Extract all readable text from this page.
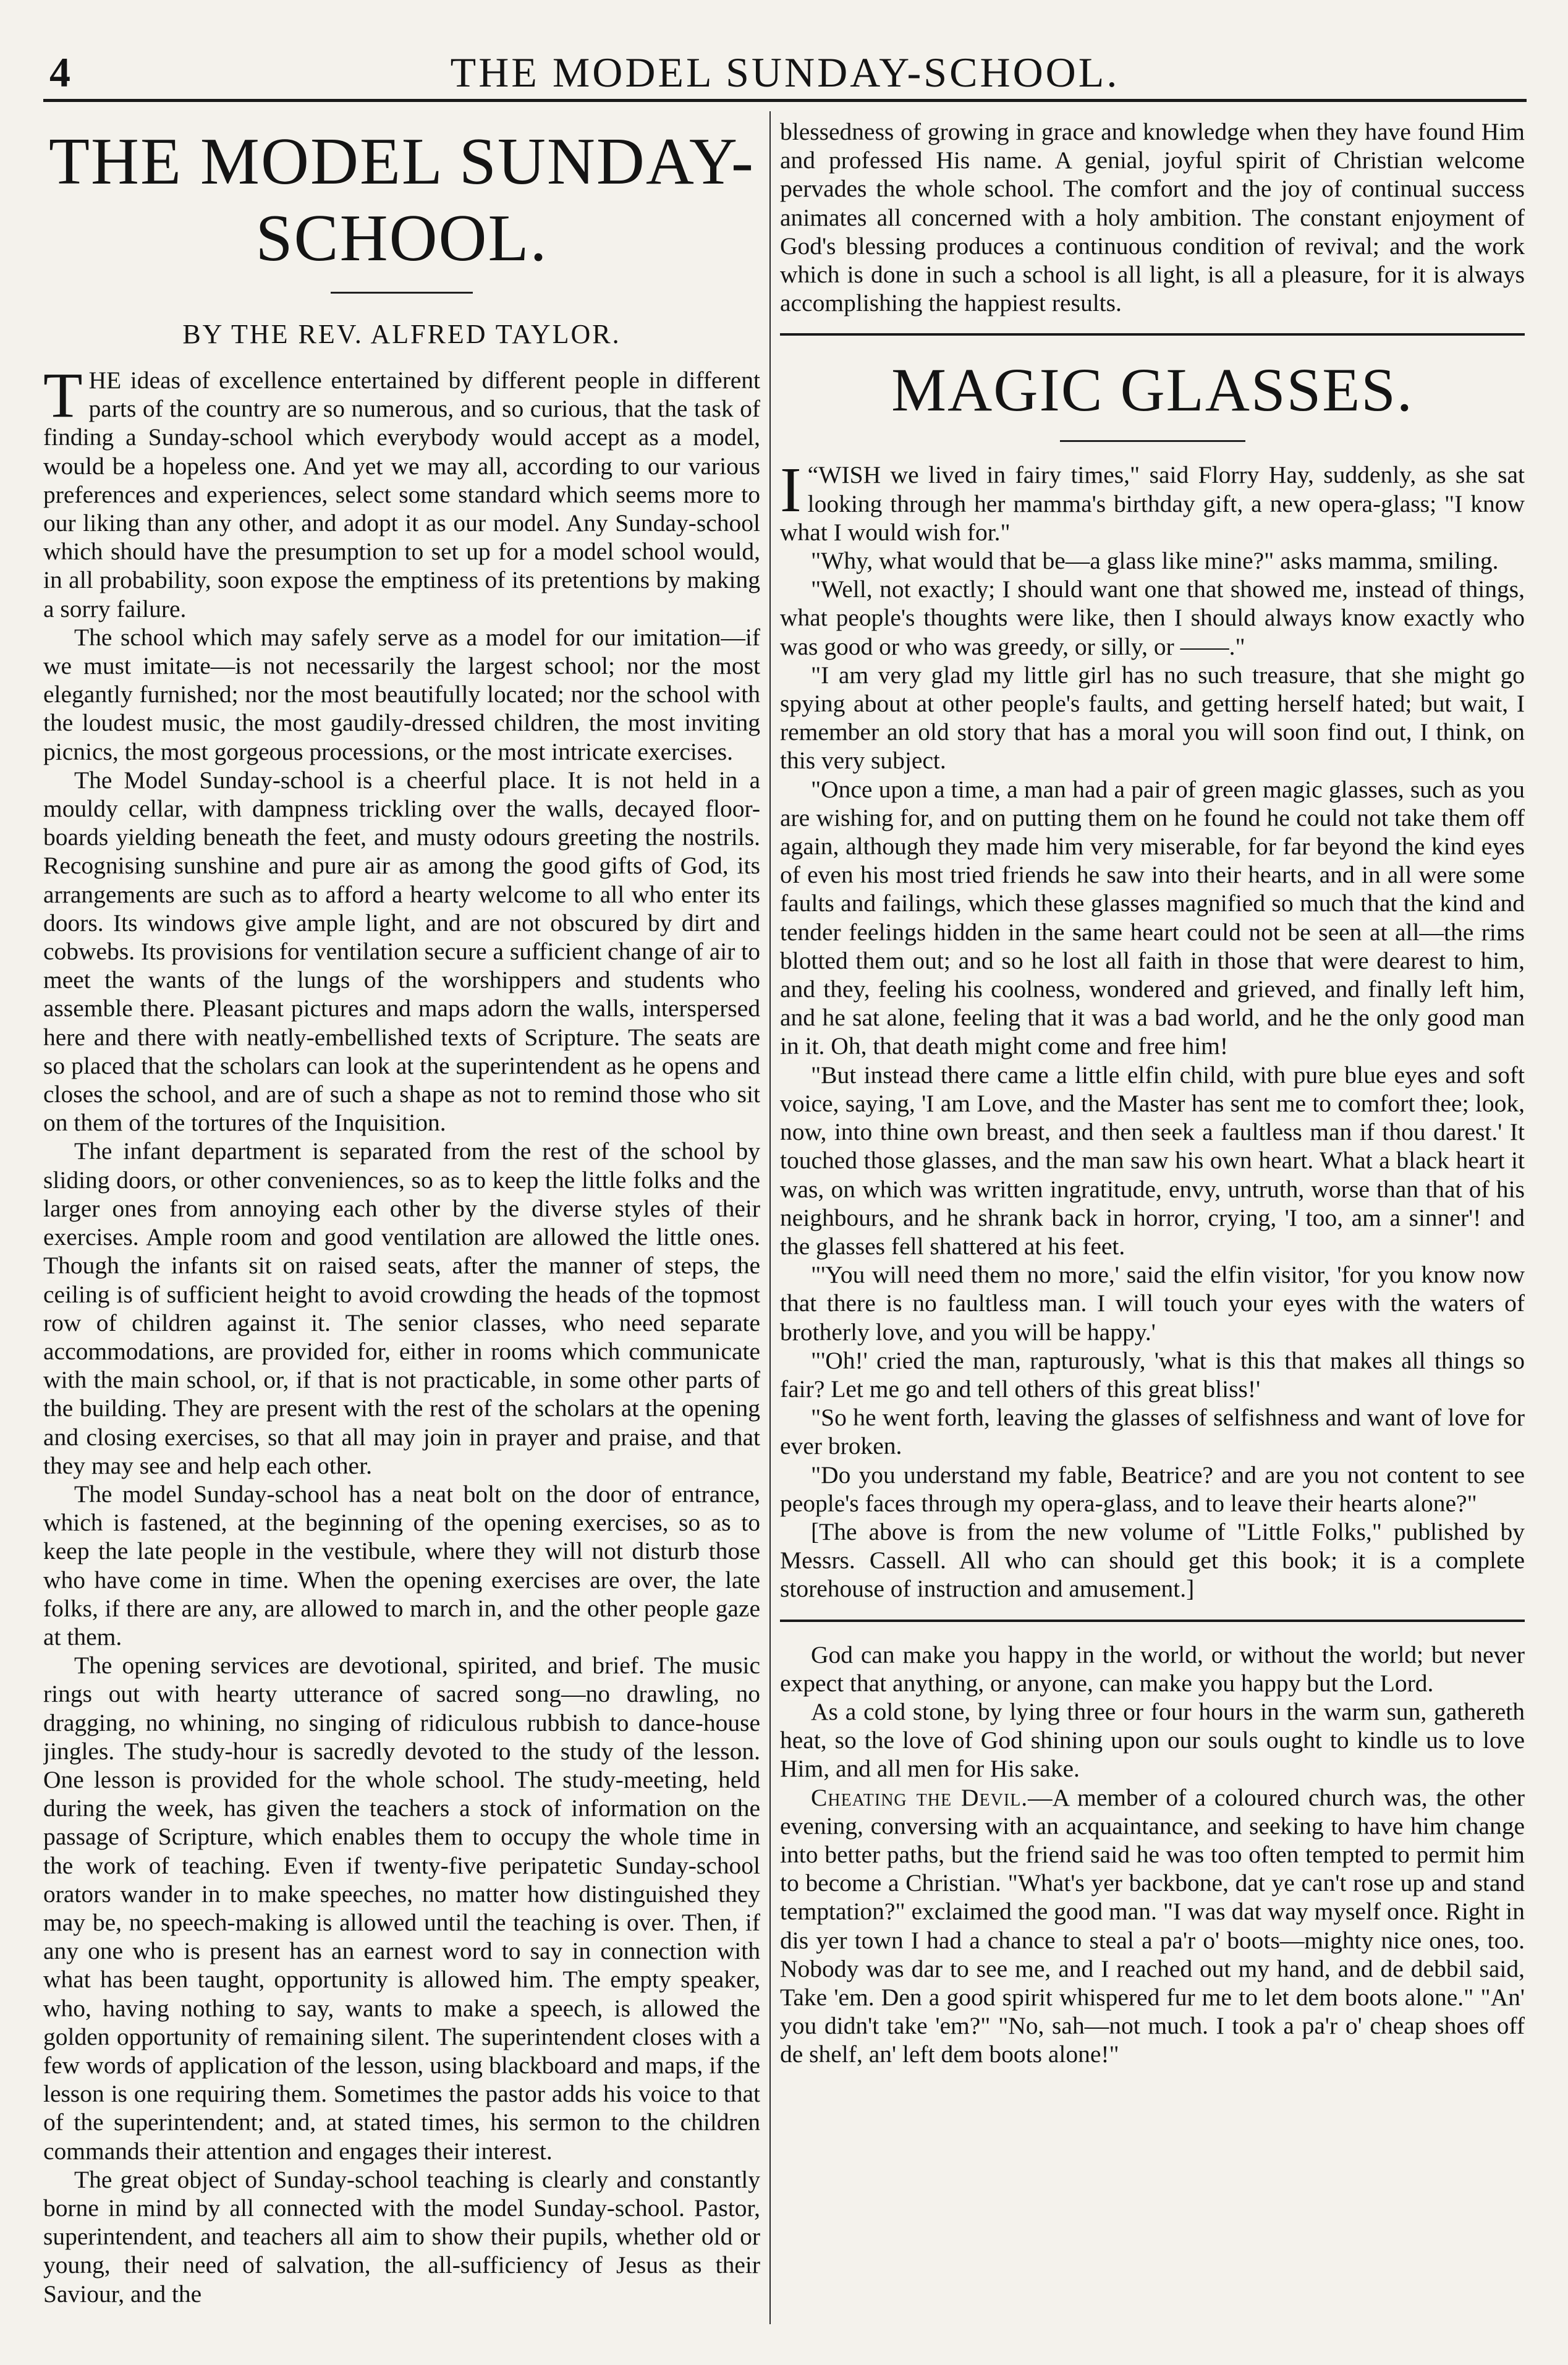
4	THE MODEL SUNDAY-SCHOOL.
THE MODEL SUNDAY-SCHOOL.
BY THE REV. ALFRED TAYLOR.

THE ideas of excellence entertained by different people in different parts of the country are so numerous, and so curious, that the task of finding a Sunday-school which everybody would accept as a model, would be a hopeless one. And yet we may all, according to our various preferences and experiences, select some standard which seems more to our liking than any other, and adopt it as our model. Any Sunday-school which should have the presumption to set up for a model school would, in all probability, soon expose the emptiness of its pretentions by making a sorry failure.

The school which may safely serve as a model for our imitation—if we must imitate—is not necessarily the largest school; nor the most elegantly furnished; nor the most beautifully located; nor the school with the loudest music, the most gaudily-dressed children, the most inviting picnics, the most gorgeous processions, or the most intricate exercises.

The Model Sunday-school is a cheerful place. It is not held in a mouldy cellar, with dampness trickling over the walls, decayed floor-boards yielding beneath the feet, and musty odours greeting the nostrils. Recognising sunshine and pure air as among the good gifts of God, its arrangements are such as to afford a hearty welcome to all who enter its doors. Its windows give ample light, and are not obscured by dirt and cobwebs. Its provisions for ventilation secure a sufficient change of air to meet the wants of the lungs of the worshippers and students who assemble there. Pleasant pictures and maps adorn the walls, interspersed here and there with neatly-embellished texts of Scripture. The seats are so placed that the scholars can look at the superintendent as he opens and closes the school, and are of such a shape as not to remind those who sit on them of the tortures of the Inquisition.

The infant department is separated from the rest of the school by sliding doors, or other conveniences, so as to keep the little folks and the larger ones from annoying each other by the diverse styles of their exercises. Ample room and good ventilation are allowed the little ones. Though the infants sit on raised seats, after the manner of steps, the ceiling is of sufficient height to avoid crowding the heads of the topmost row of children against it. The senior classes, who need separate accommodations, are provided for, either in rooms which communicate with the main school, or, if that is not practicable, in some other parts of the building. They are present with the rest of the scholars at the opening and closing exercises, so that all may join in prayer and praise, and that they may see and help each other.

The model Sunday-school has a neat bolt on the door of entrance, which is fastened, at the beginning of the opening exercises, so as to keep the late people in the vestibule, where they will not disturb those who have come in time. When the opening exercises are over, the late folks, if there are any, are allowed to march in, and the other people gaze at them.

The opening services are devotional, spirited, and brief. The music rings out with hearty utterance of sacred song—no drawling, no dragging, no whining, no singing of ridiculous rubbish to dance-house jingles. The study-hour is sacredly devoted to the study of the lesson. One lesson is provided for the whole school. The study-meeting, held during the week, has given the teachers a stock of information on the passage of Scripture, which enables them to occupy the whole time in the work of teaching. Even if twenty-five peripatetic Sunday-school orators wander in to make speeches, no matter how distinguished they may be, no speech-making is allowed until the teaching is over. Then, if any one who is present has an earnest word to say in connection with what has been taught, opportunity is allowed him. The empty speaker, who, having nothing to say, wants to make a speech, is allowed the golden opportunity of remaining silent. The superintendent closes with a few words of application of the lesson, using blackboard and maps, if the lesson is one requiring them. Sometimes the pastor adds his voice to that of the superintendent; and, at stated times, his sermon to the children commands their attention and engages their interest.

The great object of Sunday-school teaching is clearly and constantly borne in mind by all connected with the model Sunday-school. Pastor, superintendent, and teachers all aim to show their pupils, whether old or young, their need of salvation, the all-sufficiency of Jesus as their Saviour, and the

blessedness of growing in grace and knowledge when they have found Him and professed His name. A genial, joyful spirit of Christian welcome pervades the whole school. The comfort and the joy of continual success animates all concerned with a holy ambition. The constant enjoyment of God's blessing produces a continuous condition of revival; and the work which is done in such a school is all light, is all a pleasure, for it is always accomplishing the happiest results.

MAGIC GLASSES.

“
I WISH we lived in fairy times," said Florry Hay, suddenly, as she sat looking through her mamma's birthday gift, a new opera-glass; "I know what I would wish for."

"Why, what would that be—a glass like mine?" asks mamma, smiling.

"Well, not exactly; I should want one that showed me, instead of things, what people's thoughts were like, then I should always know exactly who was good or who was greedy, or silly, or ——."

"I am very glad my little girl has no such treasure, that she might go spying about at other people's faults, and getting herself hated; but wait, I remember an old story that has a moral you will soon find out, I think, on this very subject.

"Once upon a time, a man had a pair of green magic glasses, such as you are wishing for, and on putting them on he found he could not take them off again, although they made him very miserable, for far beyond the kind eyes of even his most tried friends he saw into their hearts, and in all were some faults and failings, which these glasses magnified so much that the kind and tender feelings hidden in the same heart could not be seen at all—the rims blotted them out; and so he lost all faith in those that were dearest to him, and they, feeling his coolness, wondered and grieved, and finally left him, and he sat alone, feeling that it was a bad world, and he the only good man in it. Oh, that death might come and free him!

"But instead there came a little elfin child, with pure blue eyes and soft voice, saying, 'I am Love, and the Master has sent me to comfort thee; look, now, into thine own breast, and then seek a faultless man if thou darest.' It touched those glasses, and the man saw his own heart. What a black heart it was, on which was written ingratitude, envy, untruth, worse than that of his neighbours, and he shrank back in horror, crying, 'I too, am a sinner'! and the glasses fell shattered at his feet.

"'You will need them no more,' said the elfin visitor, 'for you know now that there is no faultless man. I will touch your eyes with the waters of brotherly love, and you will be happy.'

"'Oh!' cried the man, rapturously, 'what is this that makes all things so fair? Let me go and tell others of this great bliss!'

"So he went forth, leaving the glasses of selfishness and want of love for ever broken.

"Do you understand my fable, Beatrice? and are you not content to see people's faces through my opera-glass, and to leave their hearts alone?"

[The above is from the new volume of "Little Folks," published by Messrs. Cassell. All who can should get this book; it is a complete storehouse of instruction and amusement.]

God can make you happy in the world, or without the world; but never expect that anything, or anyone, can make you happy but the Lord.

As a cold stone, by lying three or four hours in the warm sun, gathereth heat, so the love of God shining upon our souls ought to kindle us to love Him, and all men for His sake.

Cheating the Devil.—A member of a coloured church was, the other evening, conversing with an acquaintance, and seeking to have him change into better paths, but the friend said he was too often tempted to permit him to become a Christian. "What's yer backbone, dat ye can't rose up and stand temptation?" exclaimed the good man. "I was dat way myself once. Right in dis yer town I had a chance to steal a pa'r o' boots—mighty nice ones, too. Nobody was dar to see me, and I reached out my hand, and de debbil said, Take 'em. Den a good spirit whispered fur me to let dem boots alone." "An' you didn't take 'em?" "No, sah—not much. I took a pa'r o' cheap shoes off de shelf, an' left dem boots alone!"
